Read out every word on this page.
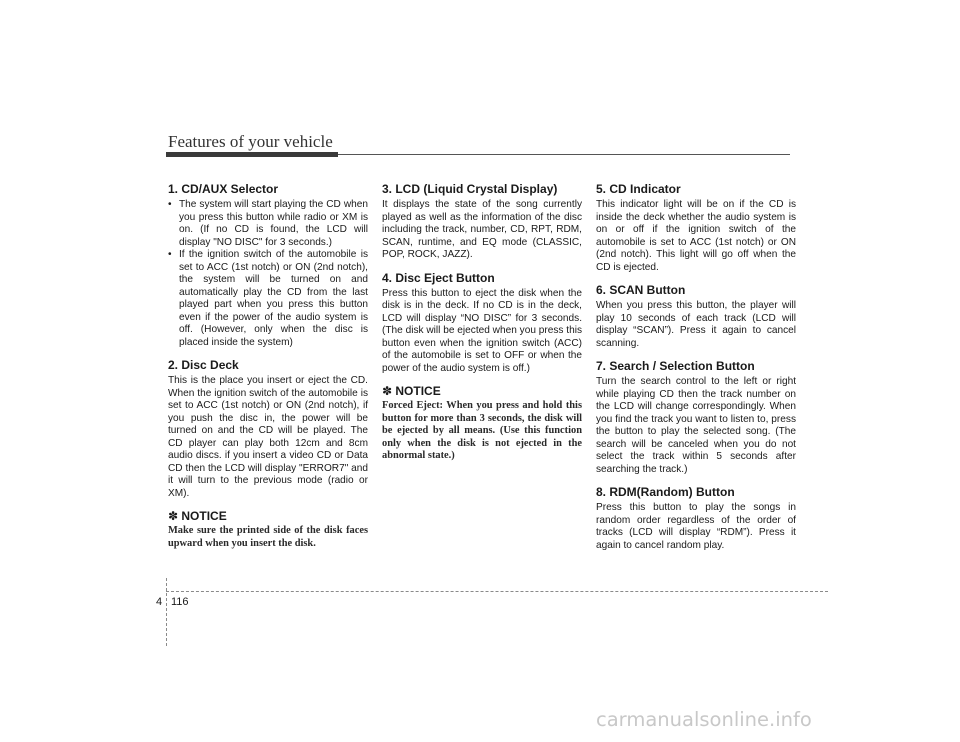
Features of your vehicle
1. CD/AUX Selector
• The system will start playing the CD when you press this button while radio or XM is on. (If no CD is found, the LCD will display "NO DISC" for 3 seconds.)
• If the ignition switch of the automobile is set to ACC (1st notch) or ON (2nd notch), the system will be turned on and automatically play the CD from the last played part when you press this button even if the power of the audio system is off. (However, only when the disc is placed inside the system)
2. Disc Deck

This is the place you insert or eject the CD. When the ignition switch of the automobile is set to ACC (1st notch) or ON (2nd notch), if you push the disc in, the power will be turned on and the CD will be played. The CD player can play both 12cm and 8cm audio discs. if you insert a video CD or Data CD then the LCD will display "ERROR7" and it will turn to the previous mode (radio or XM).

✽ NOTICE

Make sure the printed side of the disk faces upward when you insert the disk.

3. LCD (Liquid Crystal Display)

It displays the state of the song currently played as well as the information of the disc including the track, number, CD, RPT, RDM, SCAN, runtime, and EQ mode (CLASSIC, POP, ROCK, JAZZ).

4. Disc Eject Button

Press this button to eject the disk when the disk is in the deck. If no CD is in the deck, LCD will display “NO DISC” for 3 seconds. (The disk will be ejected when you press this button even when the ignition switch (ACC) of the automobile is set to OFF or when the power of the audio system is off.)

✽ NOTICE

Forced Eject: When you press and hold this button for more than 3 seconds, the disk will be ejected by all means. (Use this function only when the disk is not ejected in the abnormal state.)

5. CD Indicator

This indicator light will be on if the CD is inside the deck whether the audio system is on or off if the ignition switch of the automobile is set to ACC (1st notch) or ON (2nd notch). This light will go off when the CD is ejected.

6. SCAN Button

When you press this button, the player will play 10 seconds of each track (LCD will display “SCAN”). Press it again to cancel scanning.

7. Search / Selection Button

Turn the search control to the left or right while playing CD then the track number on the LCD will change correspondingly. When you find the track you want to listen to, press the button to play the selected song. (The search will be canceled when you do not select the track within 5 seconds after searching the track.)

8. RDM(Random) Button

Press this button to play the songs in random order regardless of the order of tracks (LCD will display “RDM”). Press it again to cancel random play.

4 116
carmanualsonline.info
